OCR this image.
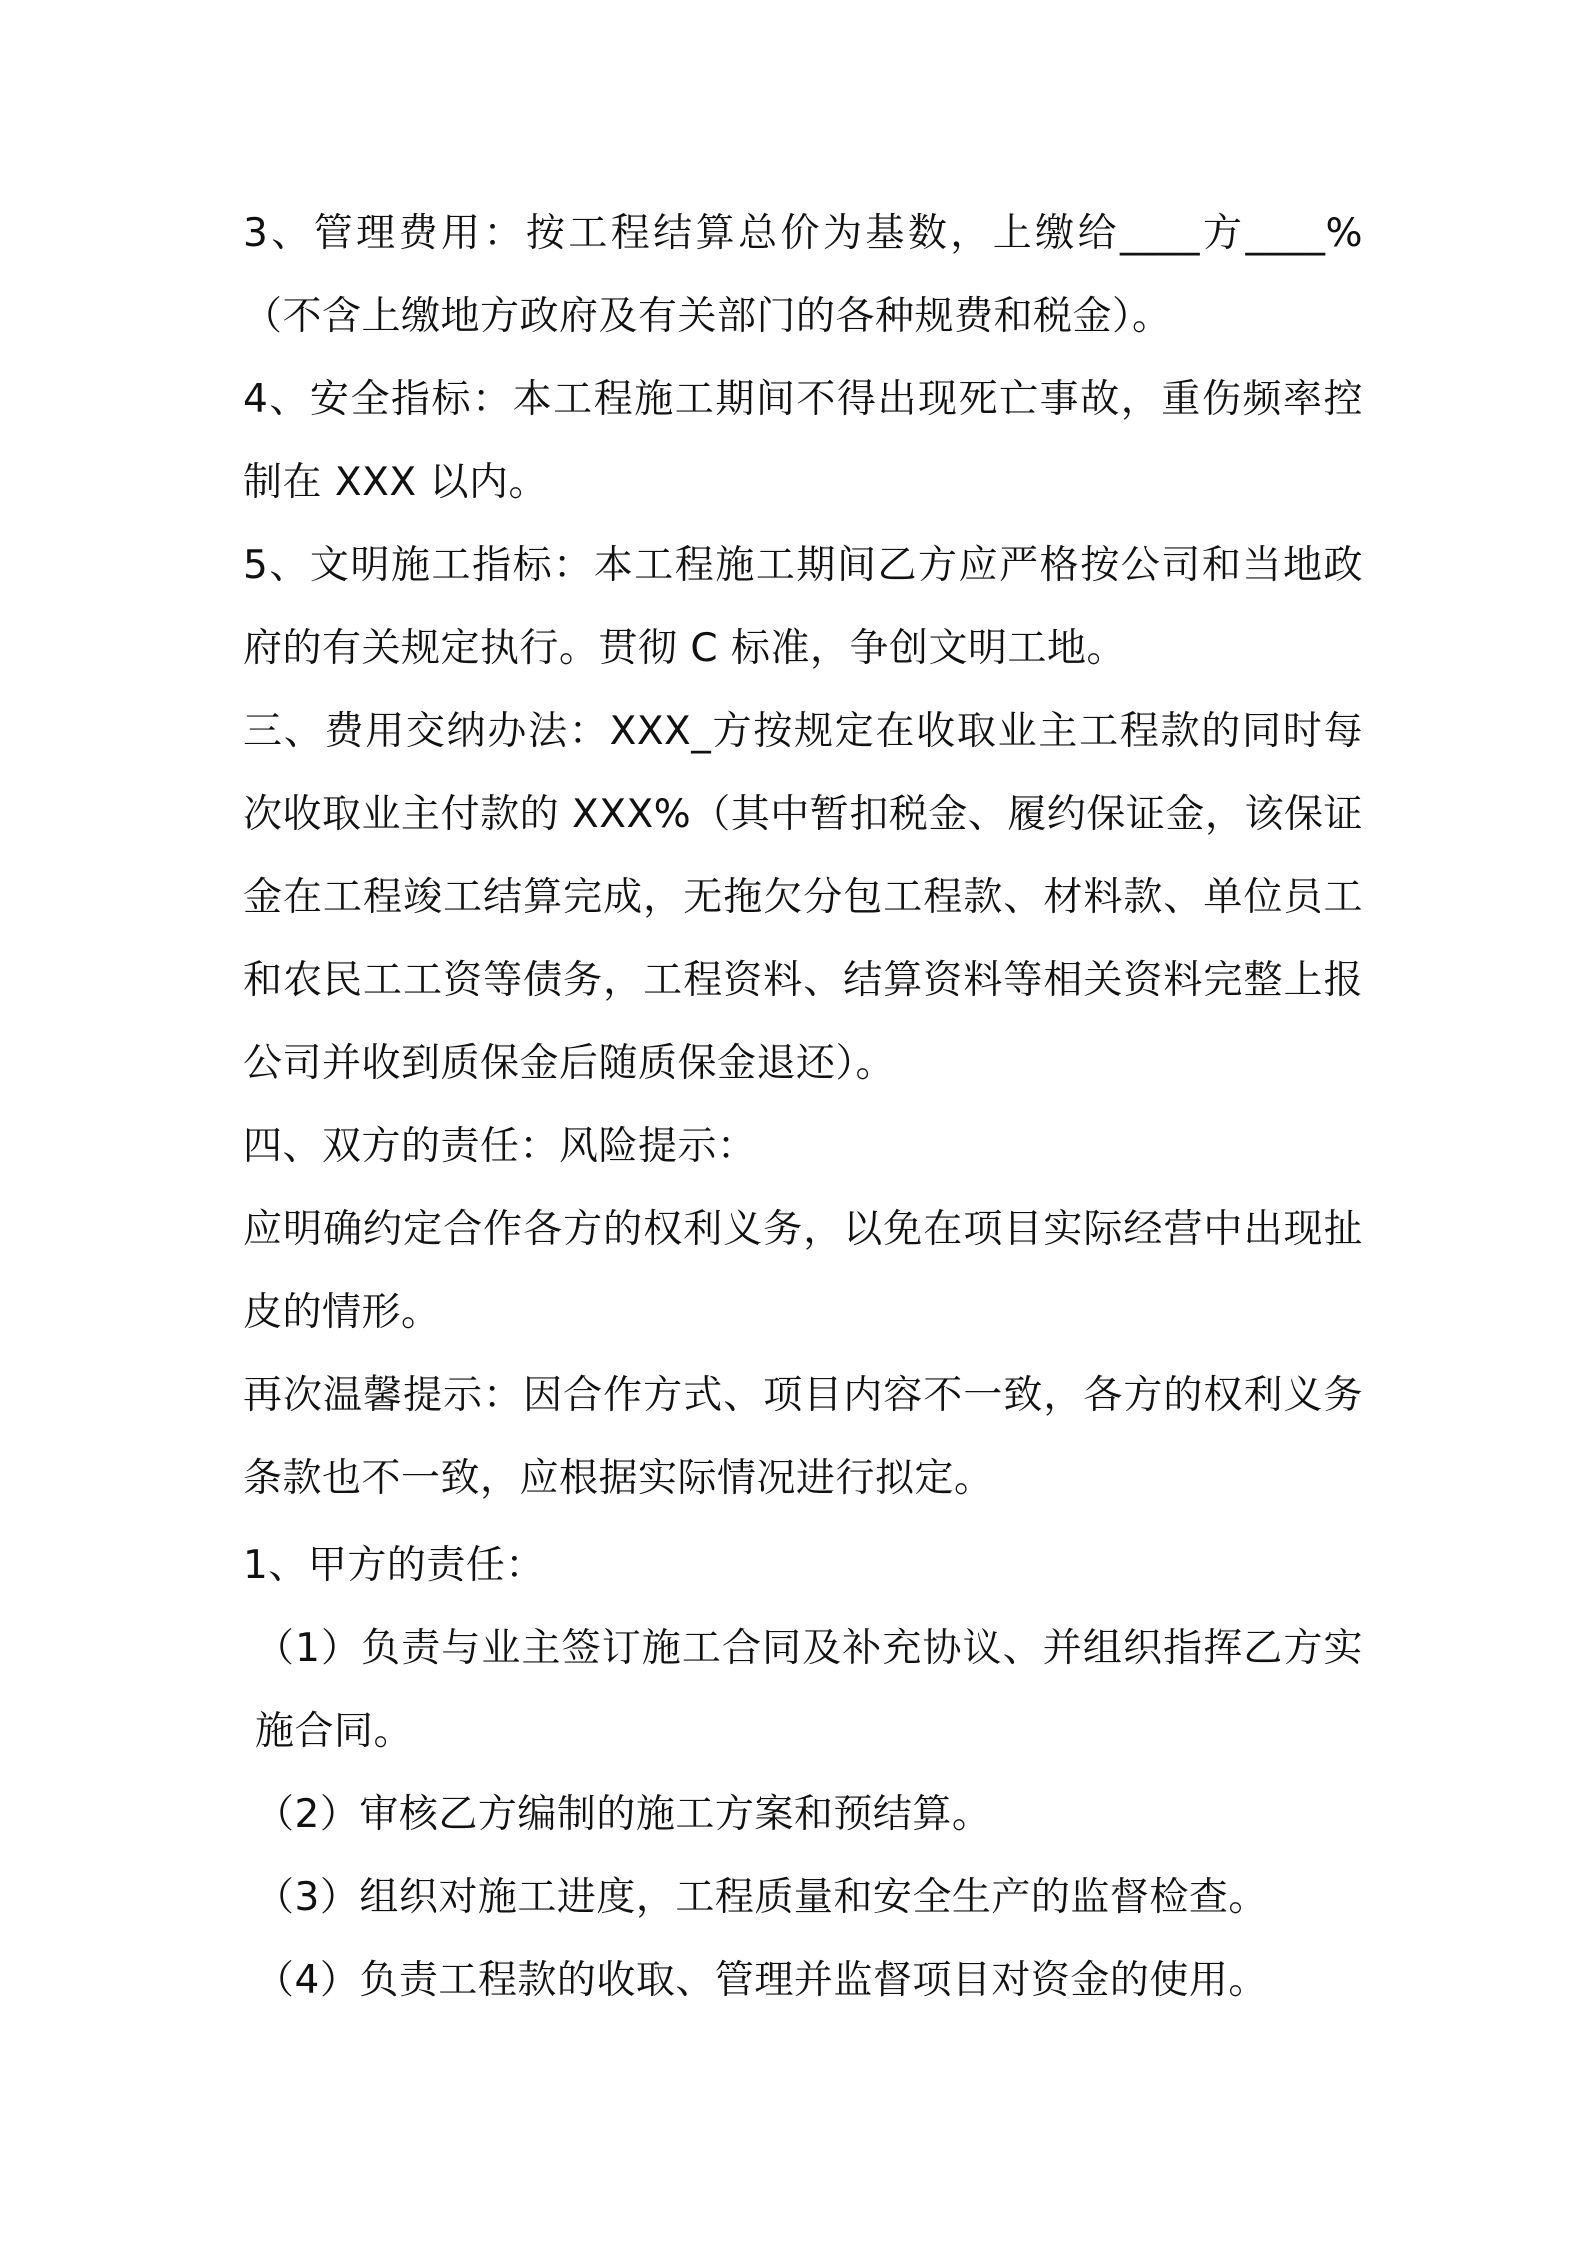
3、管理费用：按工程结算总价为基数，上缴给____方____%（不含上缴地方政府及有关部门的各种规费和税金）。

4、安全指标：本工程施工期间不得出现死亡事故，重伤频率控制在 XXX 以内。

5、文明施工指标：本工程施工期间乙方应严格按公司和当地政府的有关规定执行。贯彻 C 标准，争创文明工地。

三、费用交纳办法：XXX_方按规定在收取业主工程款的同时每次收取业主付款的 XXX%（其中暂扣税金、履约保证金，该保证金在工程竣工结算完成，无拖欠分包工程款、材料款、单位员工和农民工工资等债务，工程资料、结算资料等相关资料完整上报公司并收到质保金后随质保金退还）。

四、双方的责任：风险提示：

应明确约定合作各方的权利义务，以免在项目实际经营中出现扯皮的情形。

再次温馨提示：因合作方式、项目内容不一致，各方的权利义务条款也不一致，应根据实际情况进行拟定。

1、甲方的责任：

（1）负责与业主签订施工合同及补充协议、并组织指挥乙方实施合同。

（2）审核乙方编制的施工方案和预结算。

（3）组织对施工进度，工程质量和安全生产的监督检查。

（4）负责工程款的收取、管理并监督项目对资金的使用。
